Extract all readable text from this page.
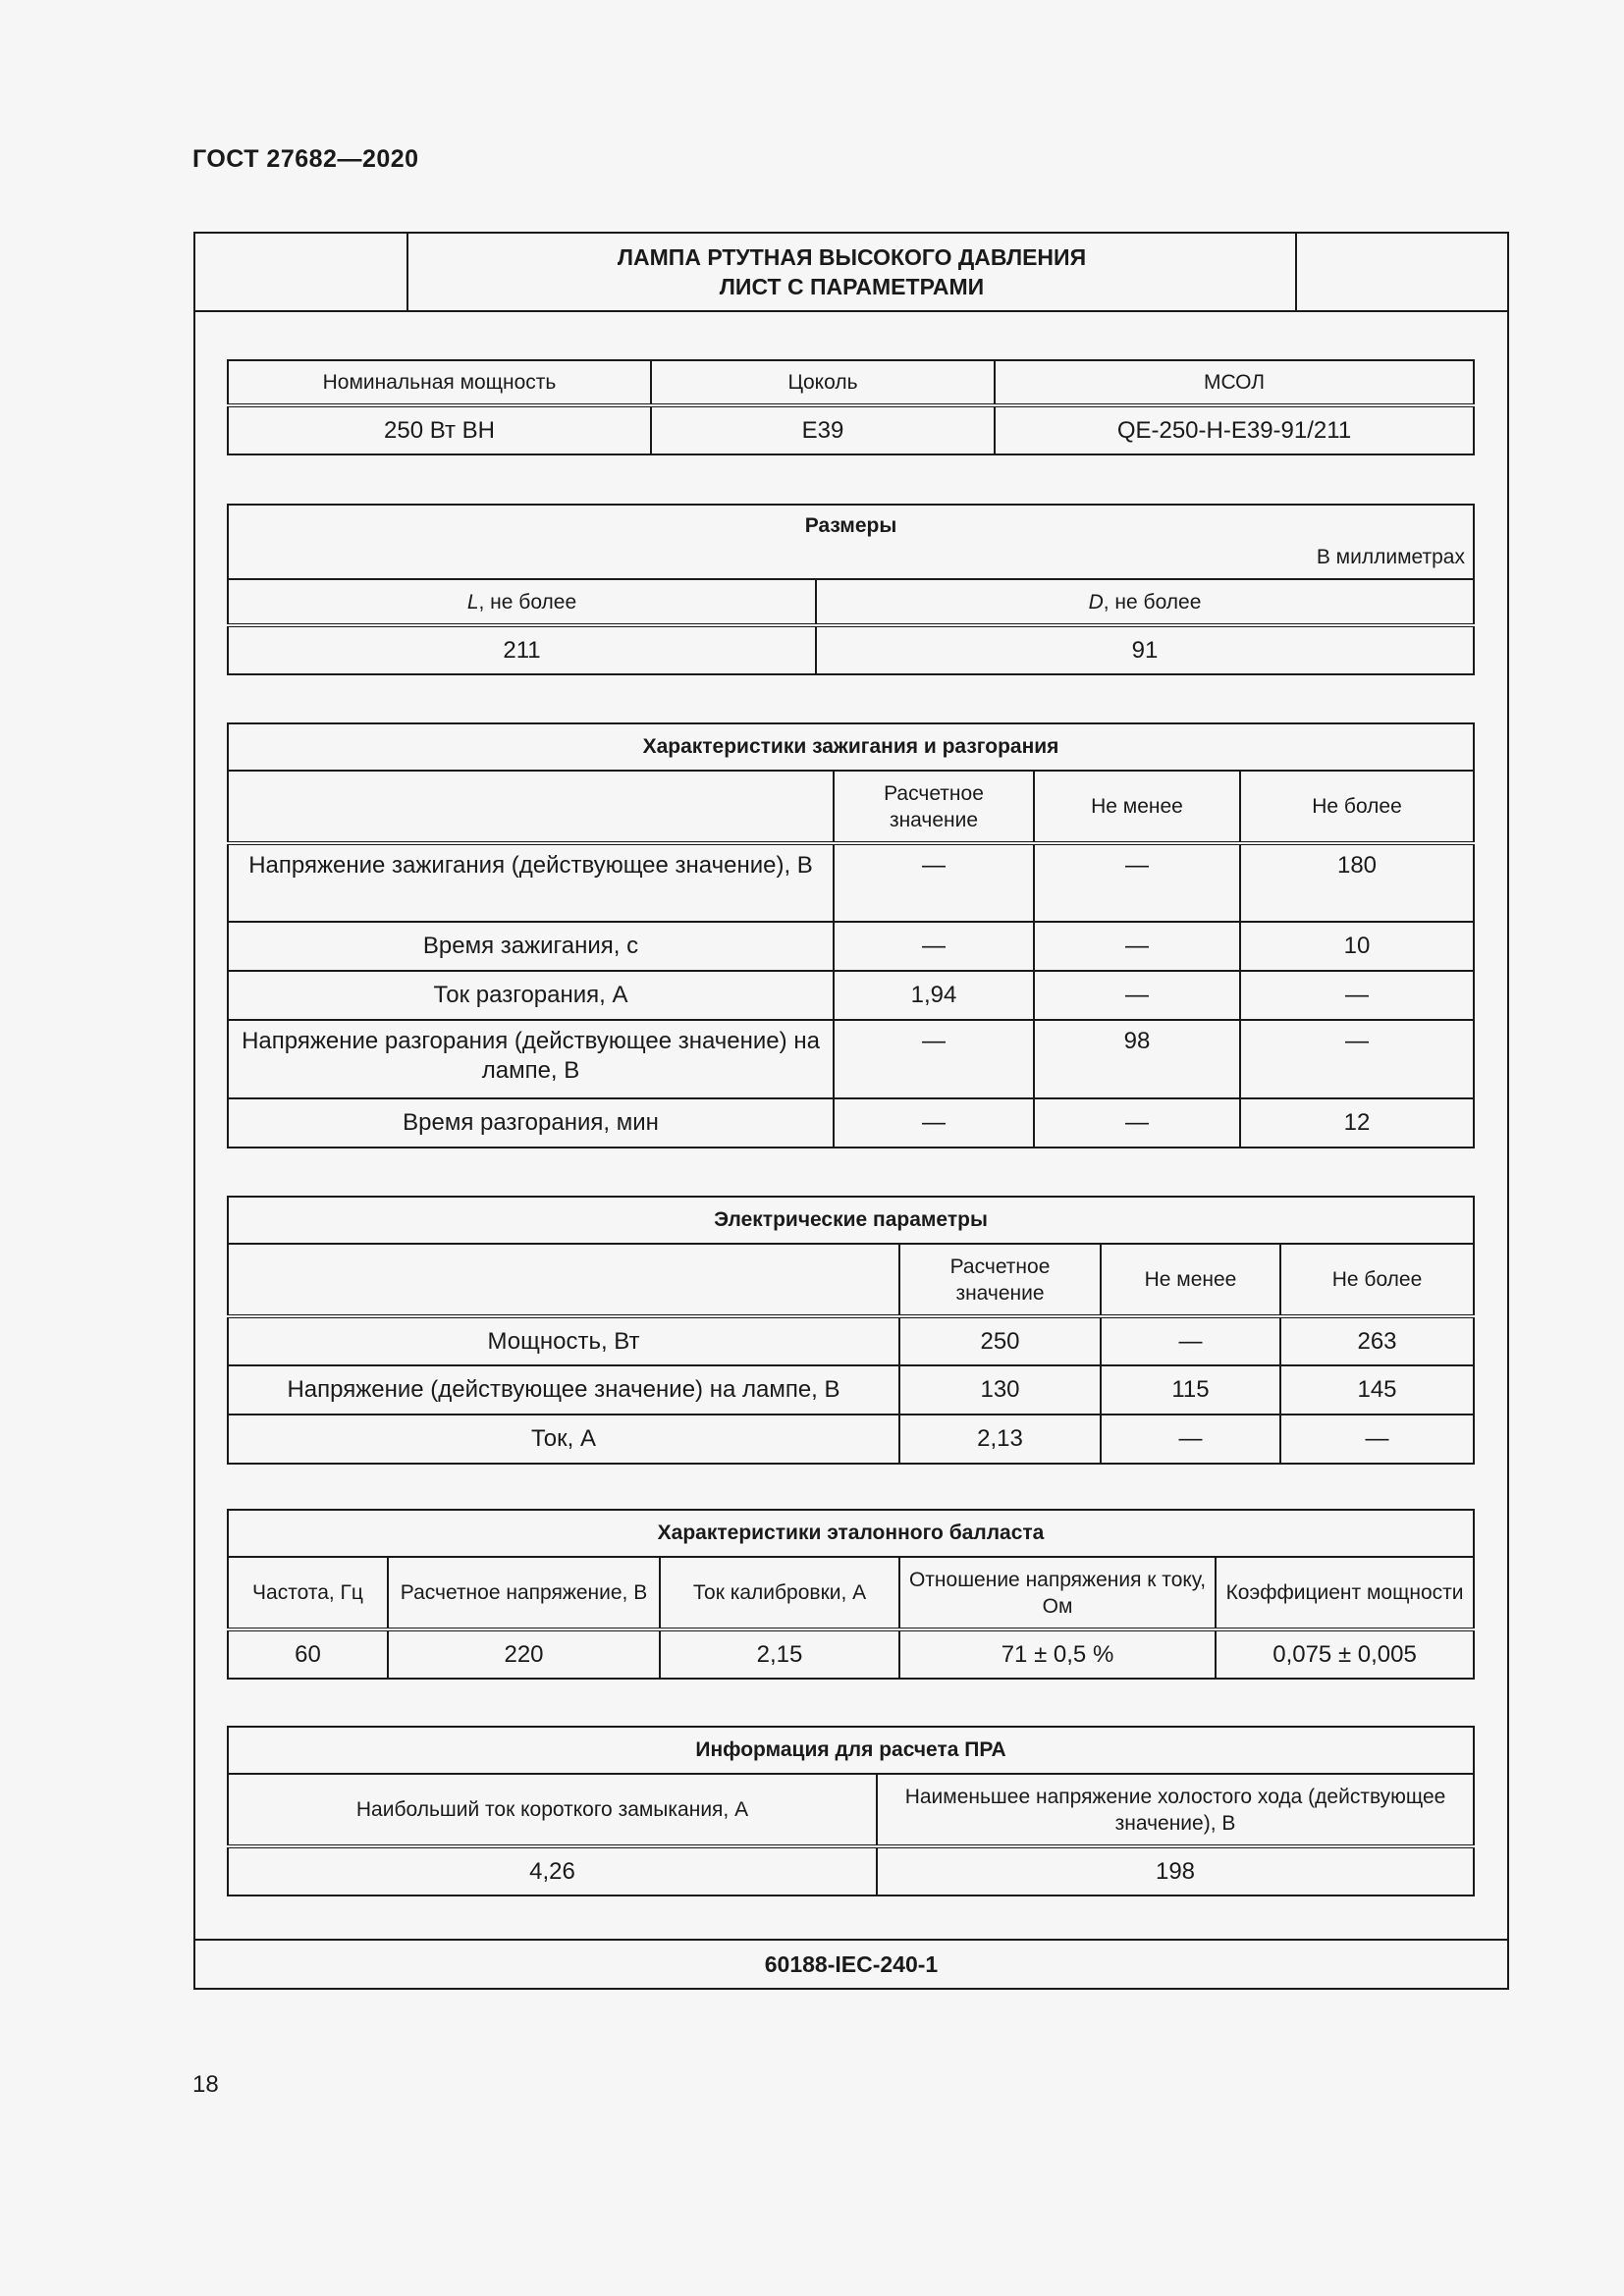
ГОСТ 27682—2020
ЛАМПА РТУТНАЯ ВЫСОКОГО ДАВЛЕНИЯ
ЛИСТ С ПАРАМЕТРАМИ
Номинальная мощность	Цоколь	МСОЛ
250 Вт ВН	E39	QE-250-H-E39-91/211
Размеры
В миллиметрах	

L, не более	D, не более
211	91
Характеристики зажигания и разгорания			
	Расчетное значение	Не менее	Не более
Напряжение зажигания (действующее значение), В	—	—	180
Время зажигания, с	—	—	10
Ток разгорания, А	1,94	—	—
Напряжение разгорания (действующее значение) на лампе, В	—	98	—
Время разгорания, мин	—	—	12
Электрические параметры			
	Расчетное значение	Не менее	Не более
Мощность, Вт	250	—	263
Напряжение (действующее значение) на лампе, В	130	115	145
Ток, А	2,13	—	—
Характеристики эталонного балласта				
Частота, Гц	Расчетное напряжение, В	Ток калибровки, А	Отношение напряжения к току, Ом	Коэффициент мощности
60	220	2,15	71 ± 0,5 %	0,075 ± 0,005
Информация для расчета ПРА	
Наибольший ток короткого замыкания, А	Наименьшее напряжение холостого хода (действующее значение), В
4,26	198
60188-IEC-240-1
18
